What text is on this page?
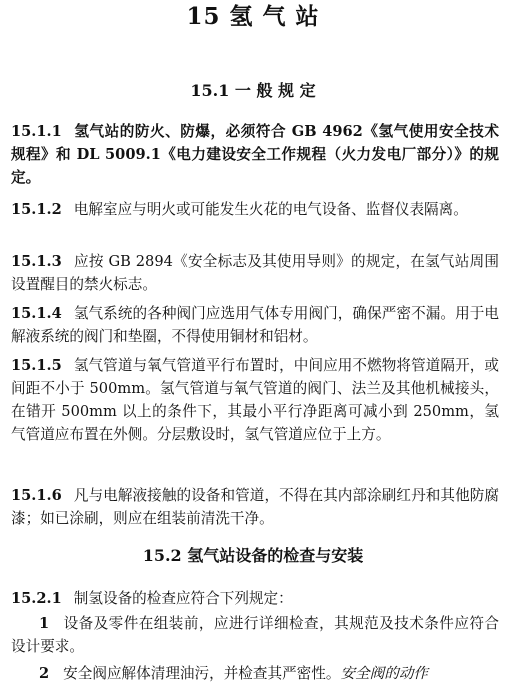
15 氢 气 站
15.1 一 般 规 定
15.1.1 氢气站的防火、防爆，必须符合 GB 4962《氢气使用安全技术规程》和 DL 5009.1《电力建设安全工作规程（火力发电厂部分）》的规定。
15.1.2 电解室应与明火或可能发生火花的电气设备、监督仪表隔离。
15.1.3 应按 GB 2894《安全标志及其使用导则》的规定，在氢气站周围设置醒目的禁火标志。
15.1.4 氢气系统的各种阀门应选用气体专用阀门，确保严密不漏。用于电解液系统的阀门和垫圈，不得使用铜材和铝材。
15.1.5 氢气管道与氧气管道平行布置时，中间应用不燃物将管道隔开，或间距不小于 500mm。氢气管道与氧气管道的阀门、法兰及其他机械接头，在错开 500mm 以上的条件下，其最小平行净距离可减小到 250mm，氢气管道应布置在外侧。分层敷设时，氢气管道应位于上方。
15.1.6 凡与电解液接触的设备和管道，不得在其内部涂刷红丹和其他防腐漆；如已涂刷，则应在组装前清洗干净。
15.2 氢气站设备的检查与安装
15.2.1 制氢设备的检查应符合下列规定：
1 设备及零件在组装前，应进行详细检查，其规范及技术条件应符合设计要求。
2 安全阀应解体清理油污，并检查其严密性。安全阀的动作
